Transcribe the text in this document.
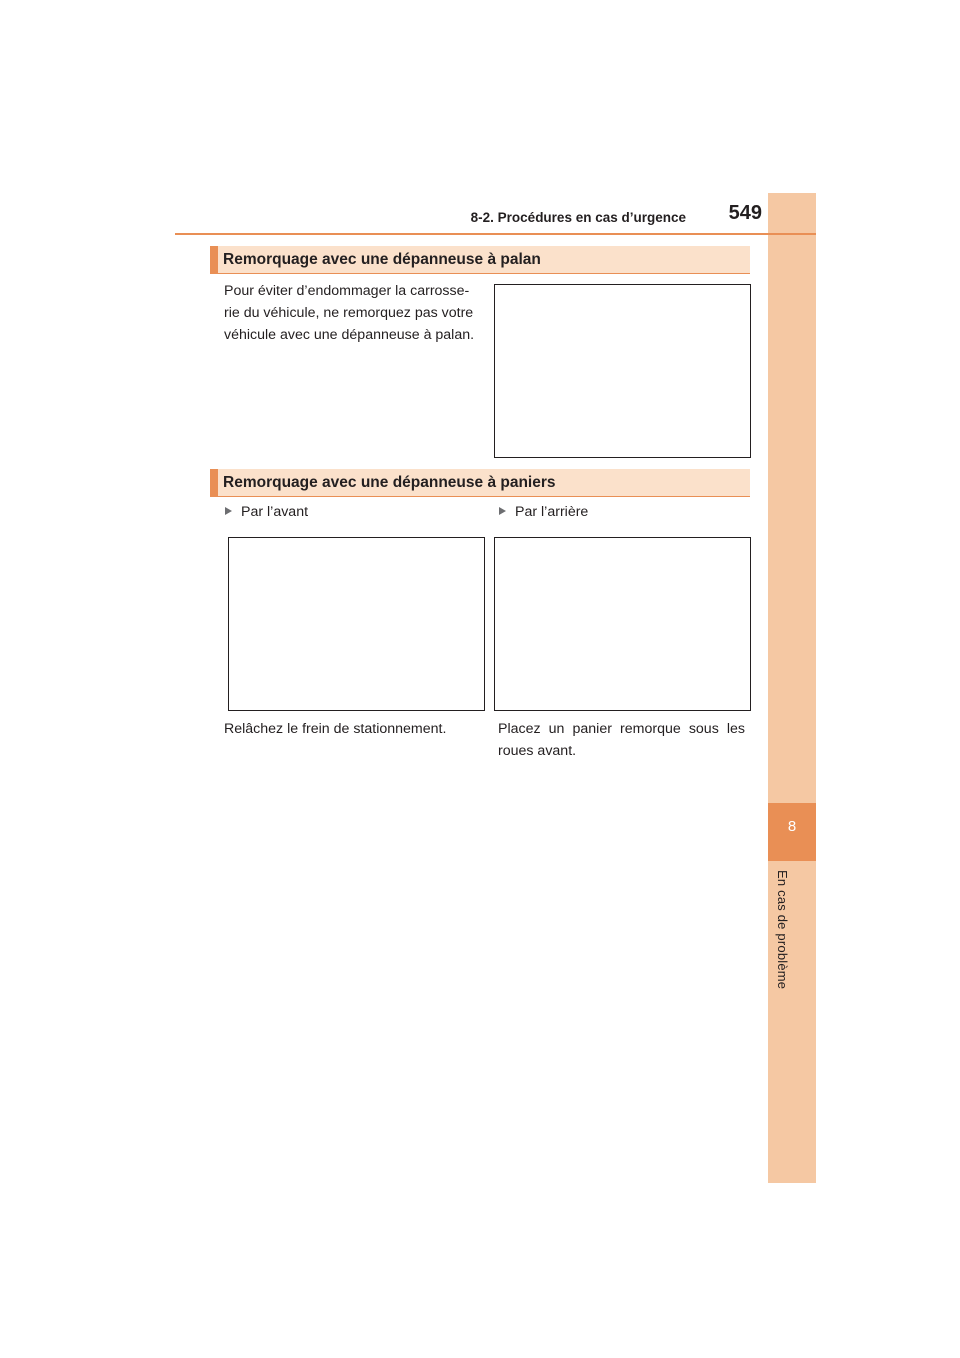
8
En cas de problème
8-2. Procédures en cas d’urgence	549
Remorquage avec une dépanneuse à palan
Pour éviter d’endommager la carrosse-
rie du véhicule, ne remorquez pas votre
véhicule avec une dépanneuse à palan.
Remorquage avec une dépanneuse à paniers
Par l’avant	Par l’arrière
Relâchez le frein de stationnement.	Placez un panier remorque sous les roues avant.
